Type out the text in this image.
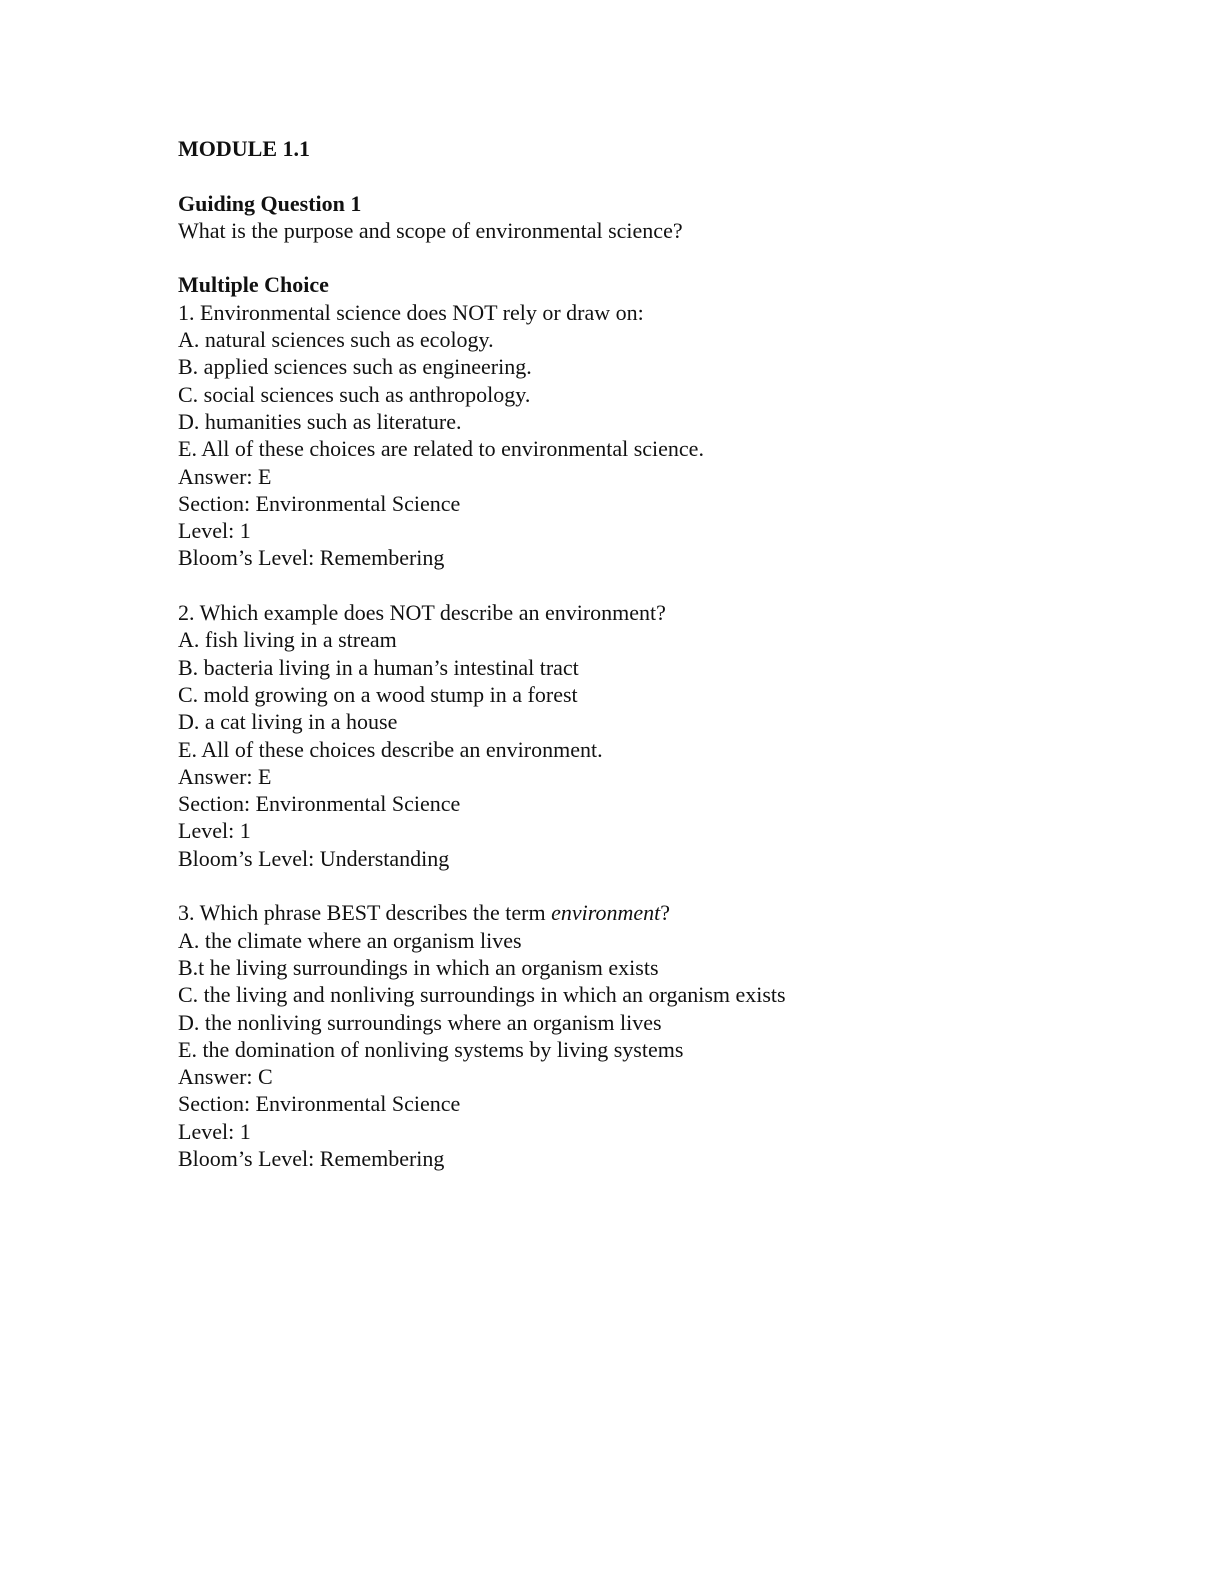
MODULE 1.1
Guiding Question 1
What is the purpose and scope of environmental science?
Multiple Choice
1. Environmental science does NOT rely or draw on:
A. natural sciences such as ecology.
B. applied sciences such as engineering.
C. social sciences such as anthropology.
D. humanities such as literature.
E. All of these choices are related to environmental science.
Answer: E
Section: Environmental Science
Level: 1
Bloom’s Level: Remembering
2. Which example does NOT describe an environment?
A. fish living in a stream
B. bacteria living in a human’s intestinal tract
C. mold growing on a wood stump in a forest
D. a cat living in a house
E. All of these choices describe an environment.
Answer: E
Section: Environmental Science
Level: 1
Bloom’s Level: Understanding
3. Which phrase BEST describes the term environment?
A. the climate where an organism lives
B.t he living surroundings in which an organism exists
C. the living and nonliving surroundings in which an organism exists
D. the nonliving surroundings where an organism lives
E. the domination of nonliving systems by living systems
Answer: C
Section: Environmental Science
Level: 1
Bloom’s Level: Remembering
